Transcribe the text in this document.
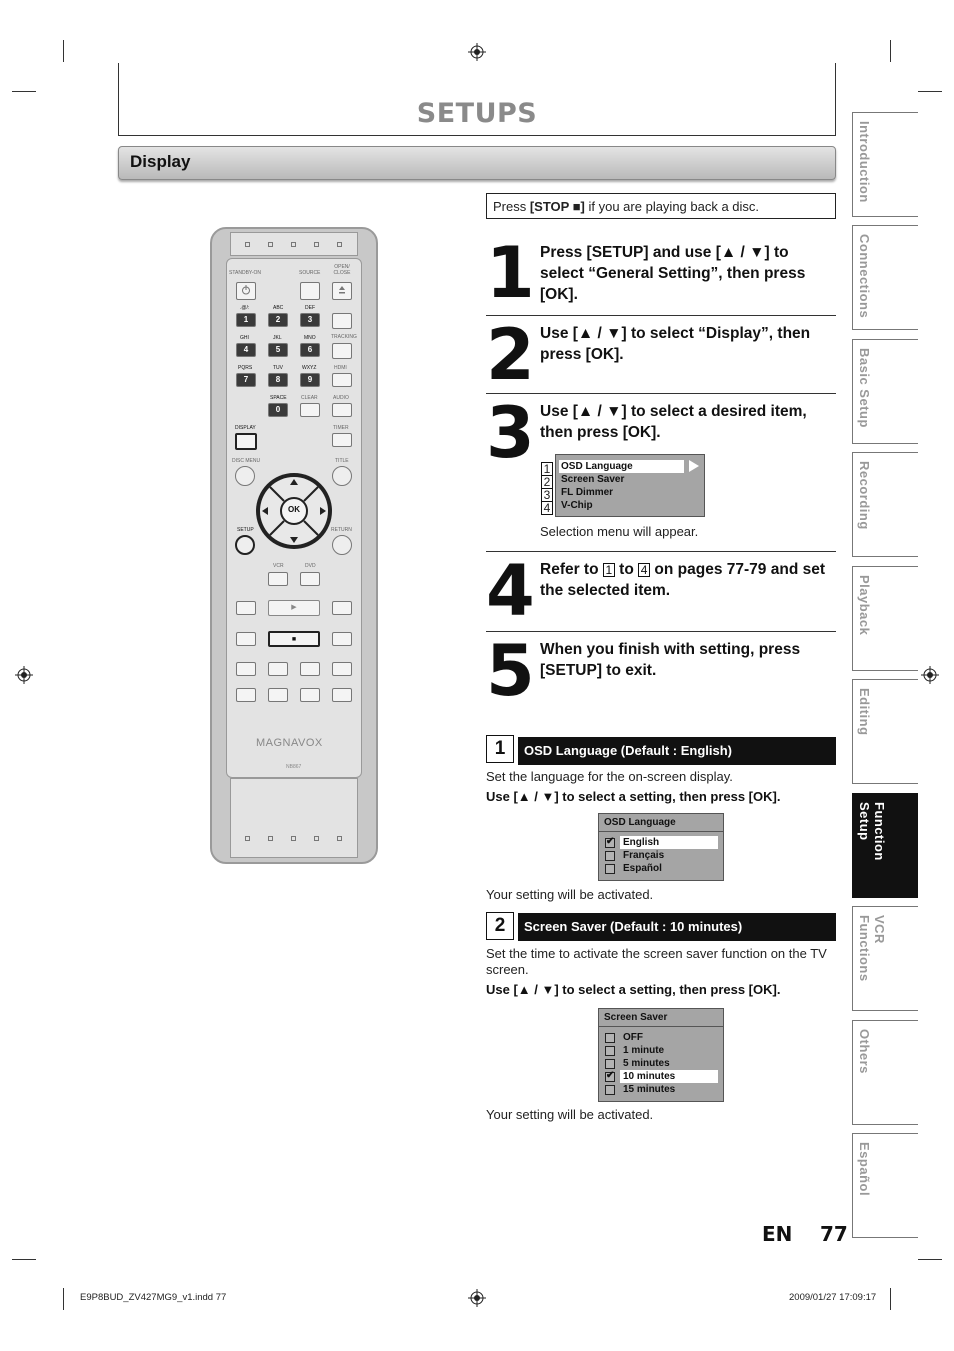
SETUPS
Display	Introduction
Connections
Basic Setup
Recording
Playback
Editing
Function Setup
VCR Functions
Others
Español
Press [STOP ■] if you are playing back a disc.
1 Press [SETUP] and use [▲ / ▼] to select “General Setting”, then press [OK].
2 Use [▲ / ▼] to select “Display”, then press [OK].
3 Use [▲ / ▼] to select a desired item, then press [OK].
OSD Language
Screen Saver
FL Dimmer
V-Chip
1
2
3
4
Selection menu will appear.
4 Refer to 1 to 4 on pages 77-79 and set the selected item.
5 When you finish with setting, press [SETUP] to exit.
1	OSD Language (Default : English)
Set the language for the on-screen display.
Use [▲ / ▼] to select a setting, then press [OK].
OSD Language
✔
English
Français
Español
Your setting will be activated.
2	Screen Saver (Default : 10 minutes)
Set the time to activate the screen saver function on the TV screen.
Use [▲ / ▼] to select a setting, then press [OK].
Screen Saver
OFF
1 minute
5 minutes
✔
10 minutes
15 minutes
Your setting will be activated.
EN 77
E9P8BUD_ZV427MG9_v1.indd 77	2009/01/27 17:09:17
STANDBY-ON	SOURCE
OPEN/ CLOSE
.@/:
1
ABC
2
DEF
3
GHI
4
JKL
5
MNO
6
TRACKING
PQRS
7
TUV
8
WXYZ
9
HDMI
SPACE
0
CLEAR	AUDIO
DISPLAY	TIMER
DISC MENU	TITLE
OK
SETUP	RETURN
VCR	DVD
▶
■
MAGNAVOX
NB867
